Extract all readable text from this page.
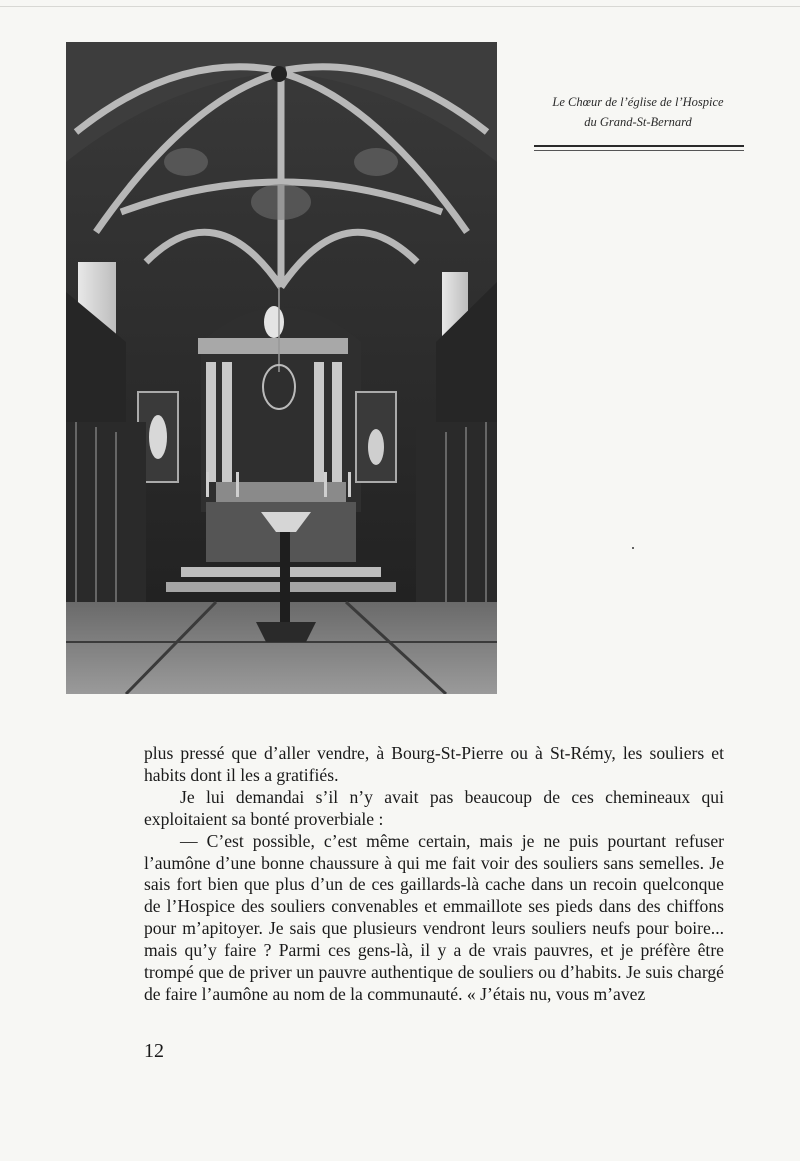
Le Chœur de l’église de l’Hospice
du Grand-St-Bernard

plus pressé que d’aller vendre, à Bourg-St-Pierre ou à St-Rémy, les souliers et habits dont il les a gratifiés.

Je lui demandai s’il n’y avait pas beaucoup de ces chemineaux qui exploitaient sa bonté proverbiale :

— C’est possible, c’est même certain, mais je ne puis pourtant refuser l’aumône d’une bonne chaussure à qui me fait voir des souliers sans semelles. Je sais fort bien que plus d’un de ces gaillards-là cache dans un recoin quelconque de l’Hospice des souliers convenables et emmaillote ses pieds dans des chiffons pour m’apitoyer. Je sais que plusieurs vendront leurs souliers neufs pour boire... mais qu’y faire ? Parmi ces gens-là, il y a de vrais pauvres, et je préfère être trompé que de priver un pauvre authentique de souliers ou d’habits. Je suis chargé de faire l’aumône au nom de la communauté. « J’étais nu, vous m’avez

12
